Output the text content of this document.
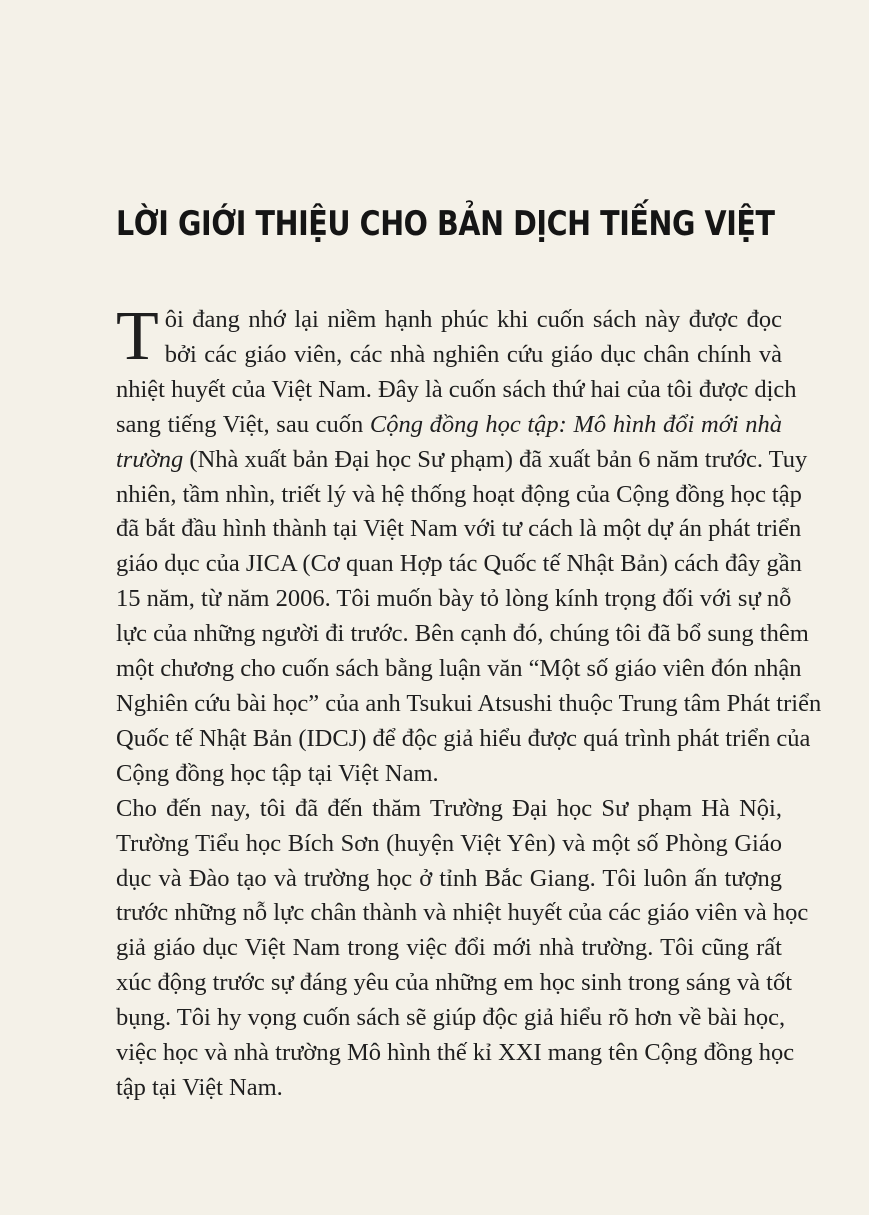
LỜI GIỚI THIỆU CHO BẢN DỊCH TIẾNG VIỆT

T ôi đang nhớ lại niềm hạnh phúc khi cuốn sách này được đọc
bởi các giáo viên, các nhà nghiên cứu giáo dục chân chính và
nhiệt huyết của Việt Nam. Đây là cuốn sách thứ hai của tôi được dịch
sang tiếng Việt, sau cuốn Cộng đồng học tập: Mô hình đổi mới nhà
trường (Nhà xuất bản Đại học Sư phạm) đã xuất bản 6 năm trước. Tuy
nhiên, tầm nhìn, triết lý và hệ thống hoạt động của Cộng đồng học tập
đã bắt đầu hình thành tại Việt Nam với tư cách là một dự án phát triển
giáo dục của JICA (Cơ quan Hợp tác Quốc tế Nhật Bản) cách đây gần
15 năm, từ năm 2006. Tôi muốn bày tỏ lòng kính trọng đối với sự nỗ
lực của những người đi trước. Bên cạnh đó, chúng tôi đã bổ sung thêm
một chương cho cuốn sách bằng luận văn “Một số giáo viên đón nhận
Nghiên cứu bài học” của anh Tsukui Atsushi thuộc Trung tâm Phát triển
Quốc tế Nhật Bản (IDCJ) để độc giả hiểu được quá trình phát triển của
Cộng đồng học tập tại Việt Nam.

Cho đến nay, tôi đã đến thăm Trường Đại học Sư phạm Hà Nội,
Trường Tiểu học Bích Sơn (huyện Việt Yên) và một số Phòng Giáo
dục và Đào tạo và trường học ở tỉnh Bắc Giang. Tôi luôn ấn tượng
trước những nỗ lực chân thành và nhiệt huyết của các giáo viên và học
giả giáo dục Việt Nam trong việc đổi mới nhà trường. Tôi cũng rất
xúc động trước sự đáng yêu của những em học sinh trong sáng và tốt
bụng. Tôi hy vọng cuốn sách sẽ giúp độc giả hiểu rõ hơn về bài học,
việc học và nhà trường Mô hình thế kỉ XXI mang tên Cộng đồng học
tập tại Việt Nam.
